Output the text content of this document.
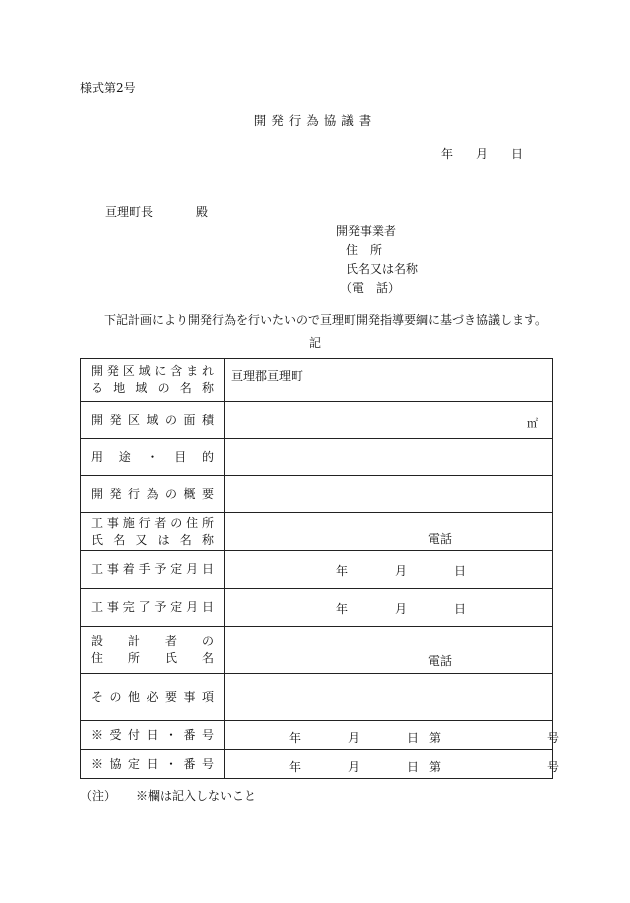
様式第2号
開発行為協議書
年 月 日
亘理町長	殿
開発事業者
住　所
氏名又は名称
（電　話）
下記計画により開発行為を行いたいので亘理町開発指導要綱に基づき協議します。
記
開発区域に含まれ
る 地 域 の 名 称	亘理郡亘理町

開発区域の面積	㎡

用途・目的	
開発行為の概要	

工事施行者の住所
氏名又は名称	電話

工事着手予定月日	年 月 日

工事完了予定月日	年 月 日

設計者の
住所氏名	電話

その他必要事項	
※受付日・番号	年 月 日 第 号

※協定日・番号	年 月 日 第 号
（注） ※欄は記入しないこと
